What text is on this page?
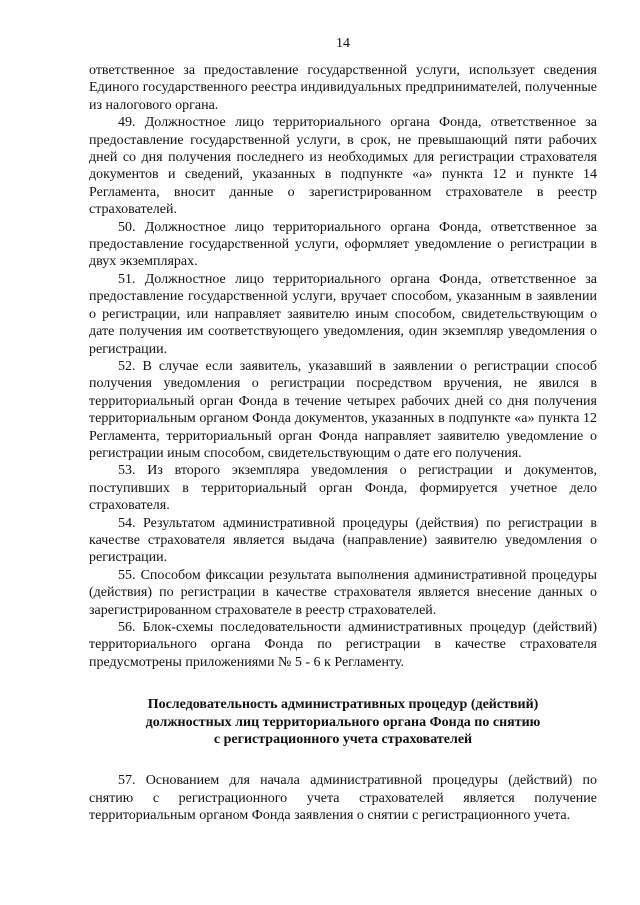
14

ответственное за предоставление государственной услуги, использует сведения Единого государственного реестра индивидуальных предпринимателей, полученные из налогового органа.

49. Должностное лицо территориального органа Фонда, ответственное за предоставление государственной услуги, в срок, не превышающий пяти рабочих дней со дня получения последнего из необходимых для регистрации страхователя документов и сведений, указанных в подпункте «а» пункта 12 и пункте 14 Регламента, вносит данные о зарегистрированном страхователе в реестр страхователей.

50. Должностное лицо территориального органа Фонда, ответственное за предоставление государственной услуги, оформляет уведомление о регистрации в двух экземплярах.

51. Должностное лицо территориального органа Фонда, ответственное за предоставление государственной услуги, вручает способом, указанным в заявлении о регистрации, или направляет заявителю иным способом, свидетельствующим о дате получения им соответствующего уведомления, один экземпляр уведомления о регистрации.

52. В случае если заявитель, указавший в заявлении о регистрации способ получения уведомления о регистрации посредством вручения, не явился в территориальный орган Фонда в течение четырех рабочих дней со дня получения территориальным органом Фонда документов, указанных в подпункте «а» пункта 12 Регламента, территориальный орган Фонда направляет заявителю уведомление о регистрации иным способом, свидетельствующим о дате его получения.

53. Из второго экземпляра уведомления о регистрации и документов, поступивших в территориальный орган Фонда, формируется учетное дело страхователя.

54. Результатом административной процедуры (действия) по регистрации в качестве страхователя является выдача (направление) заявителю уведомления о регистрации.

55. Способом фиксации результата выполнения административной процедуры (действия) по регистрации в качестве страхователя является внесение данных о зарегистрированном страхователе в реестр страхователей.

56. Блок-схемы последовательности административных процедур (действий) территориального органа Фонда по регистрации в качестве страхователя предусмотрены приложениями № 5 - 6 к Регламенту.

Последовательность административных процедур (действий)
должностных лиц территориального органа Фонда по снятию
с регистрационного учета страхователей

57. Основанием для начала административной процедуры (действий) по снятию с регистрационного учета страхователей является получение территориальным органом Фонда заявления о снятии с регистрационного учета.
